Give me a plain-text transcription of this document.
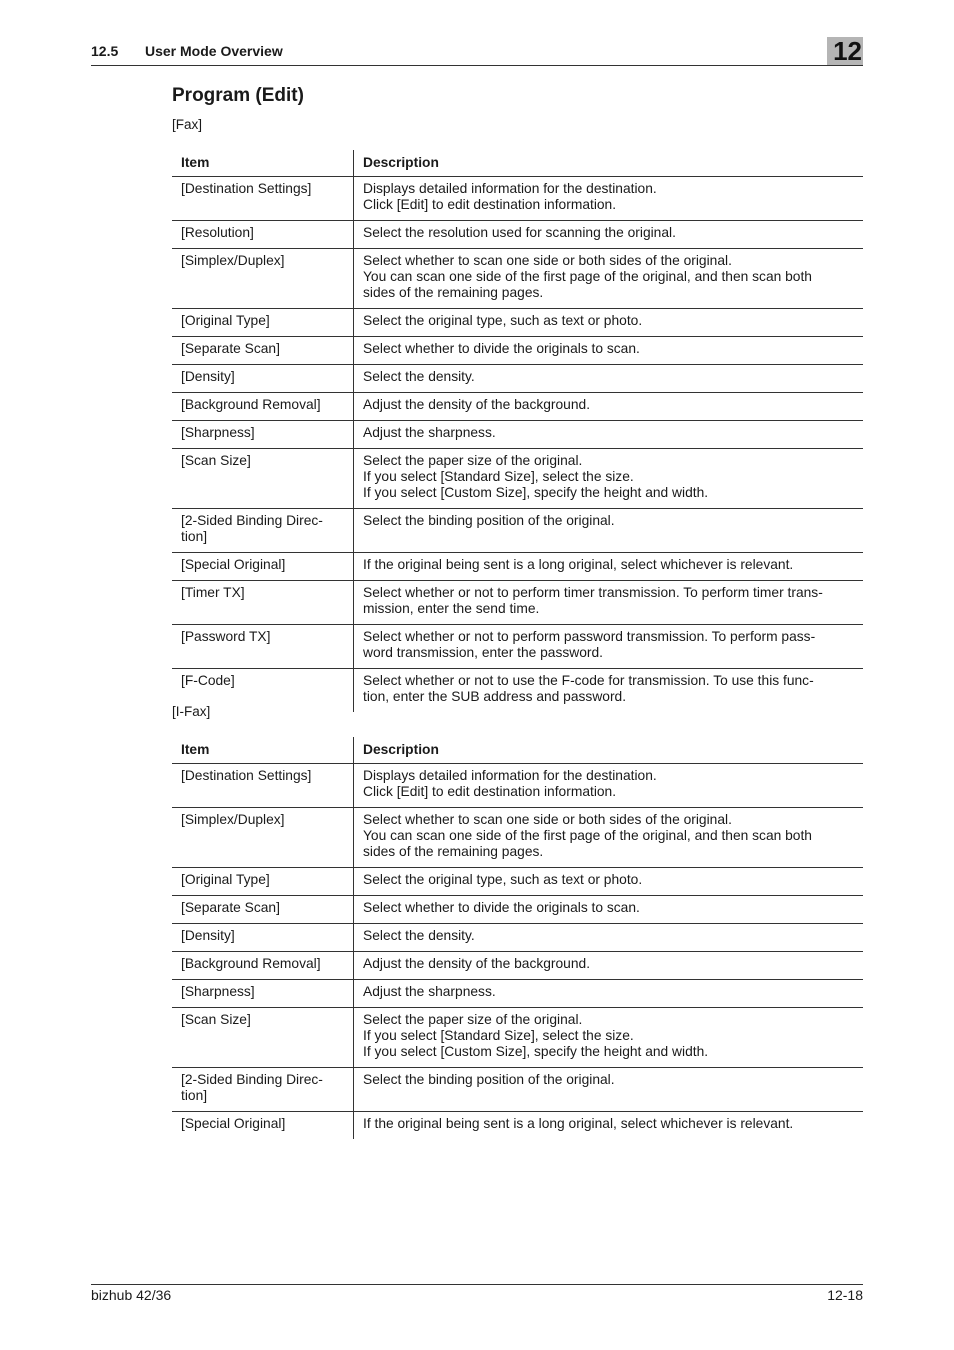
12.5 User Mode Overview	12
Program (Edit)
[Fax]
Item	Description

[Destination Settings]	Displays detailed information for the destination.
Click [Edit] to edit destination information.

[Resolution]	Select the resolution used for scanning the original.

[Simplex/Duplex]	Select whether to scan one side or both sides of the original.
You can scan one side of the first page of the original, and then scan both
sides of the remaining pages.

[Original Type]	Select the original type, such as text or photo.

[Separate Scan]	Select whether to divide the originals to scan.

[Density]	Select the density.

[Background Removal]	Adjust the density of the background.

[Sharpness]	Adjust the sharpness.

[Scan Size]	Select the paper size of the original.
If you select [Standard Size], select the size.
If you select [Custom Size], specify the height and width.

[2-Sided Binding Direc-
tion]	Select the binding position of the original.

[Special Original]	If the original being sent is a long original, select whichever is relevant.

[Timer TX]	Select whether or not to perform timer transmission. To perform timer trans-
mission, enter the send time.

[Password TX]	Select whether or not to perform password transmission. To perform pass-
word transmission, enter the password.

[F-Code]	Select whether or not to use the F-code for transmission. To use this func-
tion, enter the SUB address and password.
[I-Fax]
Item	Description

[Destination Settings]	Displays detailed information for the destination.
Click [Edit] to edit destination information.

[Simplex/Duplex]	Select whether to scan one side or both sides of the original.
You can scan one side of the first page of the original, and then scan both
sides of the remaining pages.

[Original Type]	Select the original type, such as text or photo.

[Separate Scan]	Select whether to divide the originals to scan.

[Density]	Select the density.

[Background Removal]	Adjust the density of the background.

[Sharpness]	Adjust the sharpness.

[Scan Size]	Select the paper size of the original.
If you select [Standard Size], select the size.
If you select [Custom Size], specify the height and width.

[2-Sided Binding Direc-
tion]	Select the binding position of the original.

[Special Original]	If the original being sent is a long original, select whichever is relevant.
bizhub 42/36	12-18
